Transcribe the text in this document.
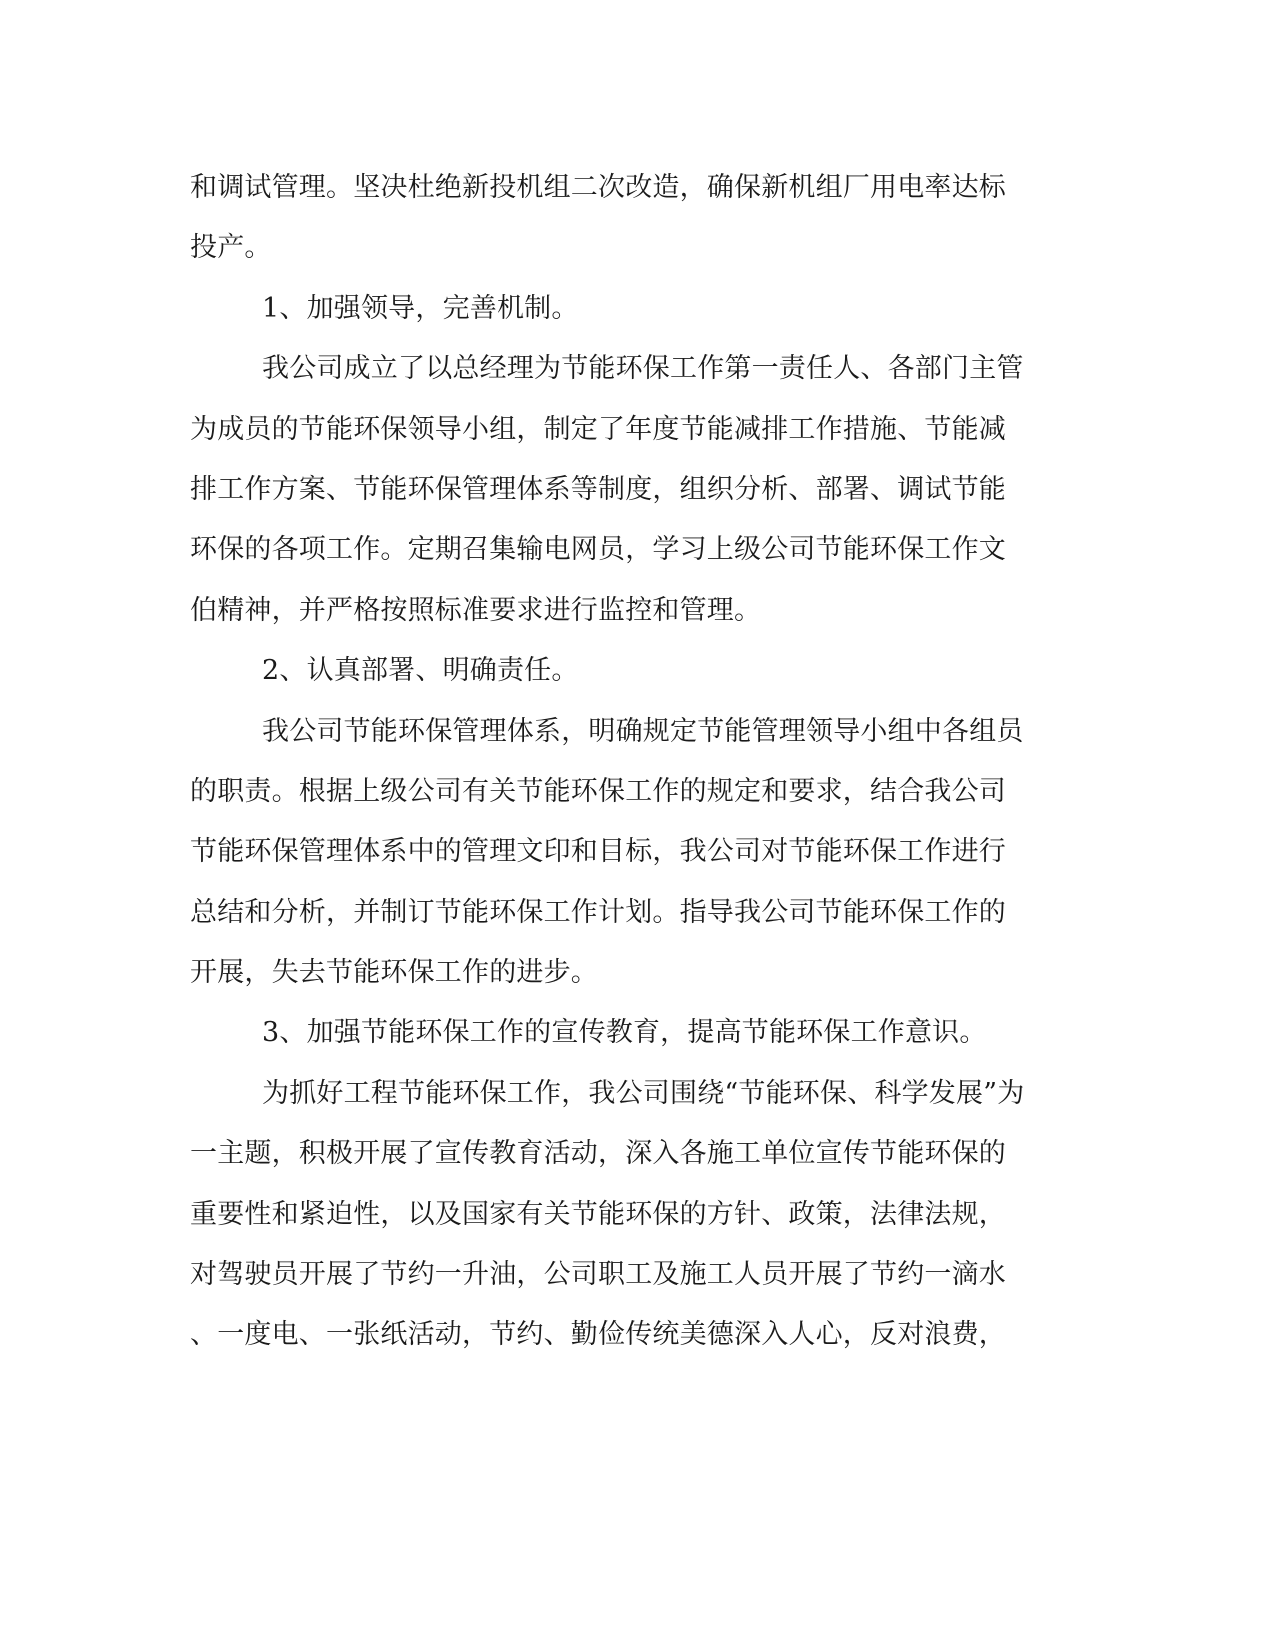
和调试管理。坚决杜绝新投机组二次改造，确保新机组厂用电率达标
投产。
1、加强领导，完善机制。
我公司成立了以总经理为节能环保工作第一责任人、各部门主管
为成员的节能环保领导小组，制定了年度节能减排工作措施、节能减
排工作方案、节能环保管理体系等制度，组织分析、部署、调试节能
环保的各项工作。定期召集输电网员，学习上级公司节能环保工作文
伯精神，并严格按照标准要求进行监控和管理。
2、认真部署、明确责任。
我公司节能环保管理体系，明确规定节能管理领导小组中各组员
的职责。根据上级公司有关节能环保工作的规定和要求，结合我公司
节能环保管理体系中的管理文印和目标，我公司对节能环保工作进行
总结和分析，并制订节能环保工作计划。指导我公司节能环保工作的
开展，失去节能环保工作的进步。
3、加强节能环保工作的宣传教育，提高节能环保工作意识。
为抓好工程节能环保工作，我公司围绕“节能环保、科学发展”为
一主题，积极开展了宣传教育活动，深入各施工单位宣传节能环保的
重要性和紧迫性，以及国家有关节能环保的方针、政策，法律法规，
对驾驶员开展了节约一升油，公司职工及施工人员开展了节约一滴水
、一度电、一张纸活动，节约、勤俭传统美德深入人心，反对浪费，
